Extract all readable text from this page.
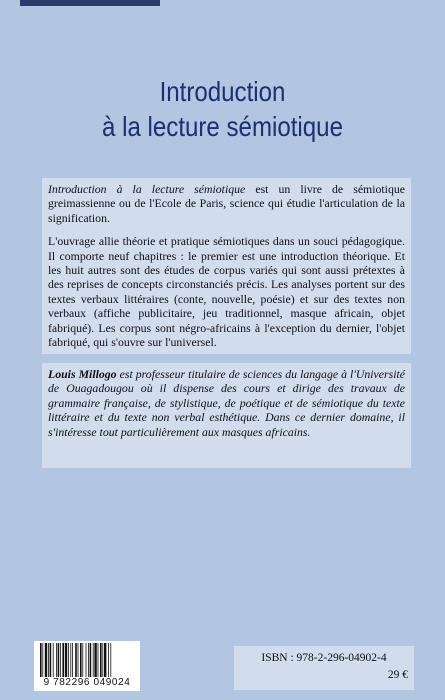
Introduction
à la lecture sémiotique

Introduction à la lecture sémiotique est un livre de sémiotique greimassienne ou de l'Ecole de Paris, science qui étudie l'articulation de la signification.

L'ouvrage allie théorie et pratique sémiotiques dans un souci pédagogique. Il comporte neuf chapitres : le premier est une introduction théorique. Et les huit autres sont des études de corpus variés qui sont aussi prétextes à des reprises de concepts circonstanciés précis. Les analyses portent sur des textes verbaux littéraires (conte, nouvelle, poésie) et sur des textes non verbaux (affiche publicitaire, jeu traditionnel, masque africain, objet fabriqué). Les corpus sont négro-africains à l'exception du dernier, l'objet fabriqué, qui s'ouvre sur l'universel.

Louis Millogo est professeur titulaire de sciences du langage à l'Université de Ouagadougou où il dispense des cours et dirige des travaux de grammaire française, de stylistique, de poétique et de sémiotique du texte littéraire et du texte non verbal esthétique. Dans ce dernier domaine, il s'intéresse tout particulièrement aux masques africains.

9 782296 049024
ISBN : 978-2-296-04902-4
29 €
